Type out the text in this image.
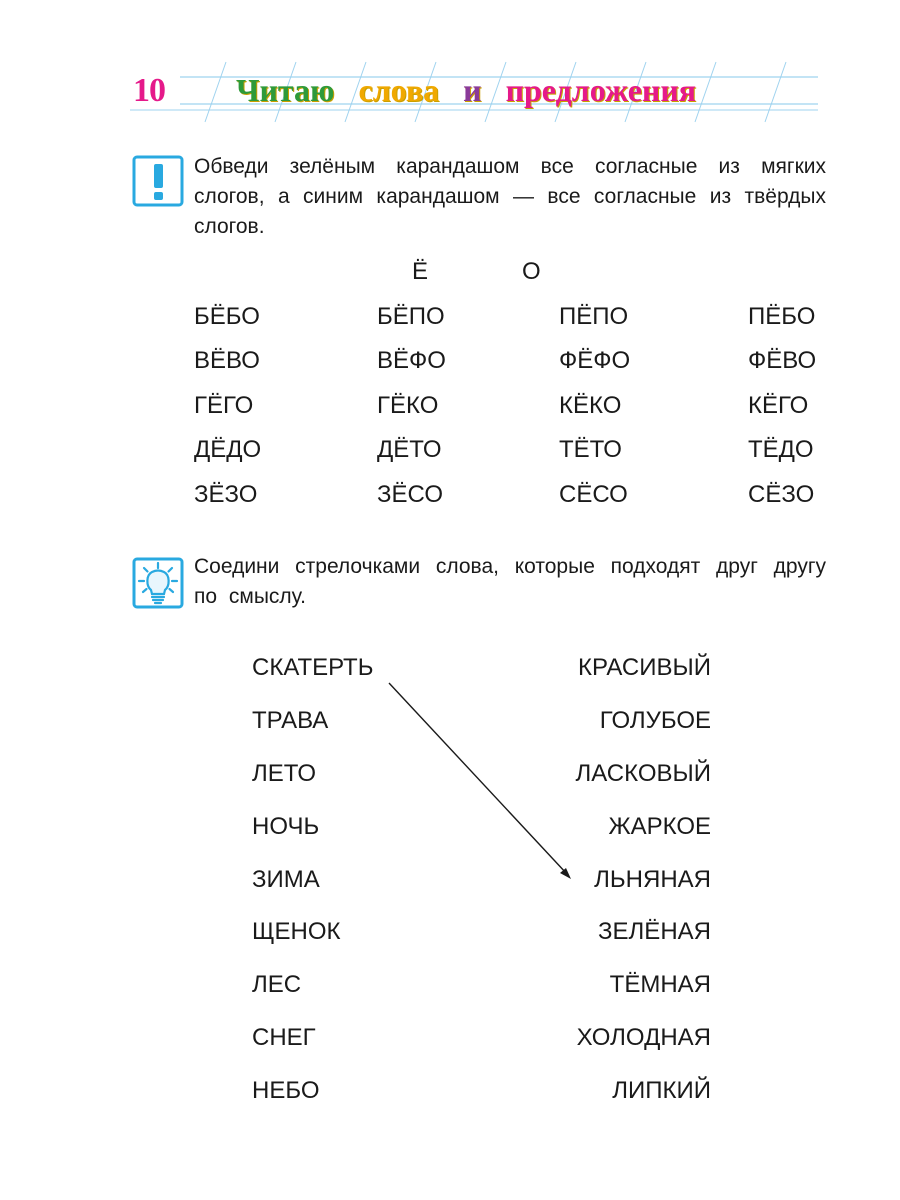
10 Читаю слова и предложения
Обведи зелёным карандашом все согласные из мягких слогов, а синим карандашом — все согласные из твёрдых слогов.
Ё	О
БЁБО	БЁПО	ПЁПО	ПЁБО
ВЁВО	ВЁФО	ФЁФО	ФЁВО
ГЁГО	ГЁКО	КЁКО	КЁГО
ДЁДО	ДЁТО	ТЁТО	ТЁДО
ЗЁЗО	ЗЁСО	СЁСО	СЁЗО
Соедини стрелочками слова, которые подходят друг другу по смыслу.
СКАТЕРТЬ
ТРАВА
ЛЕТО
НОЧЬ
ЗИМА
ЩЕНОК
ЛЕС
СНЕГ
НЕБО
КРАСИВЫЙ
ГОЛУБОЕ
ЛАСКОВЫЙ
ЖАРКОЕ
ЛЬНЯНАЯ
ЗЕЛЁНАЯ
ТЁМНАЯ
ХОЛОДНАЯ
ЛИПКИЙ
